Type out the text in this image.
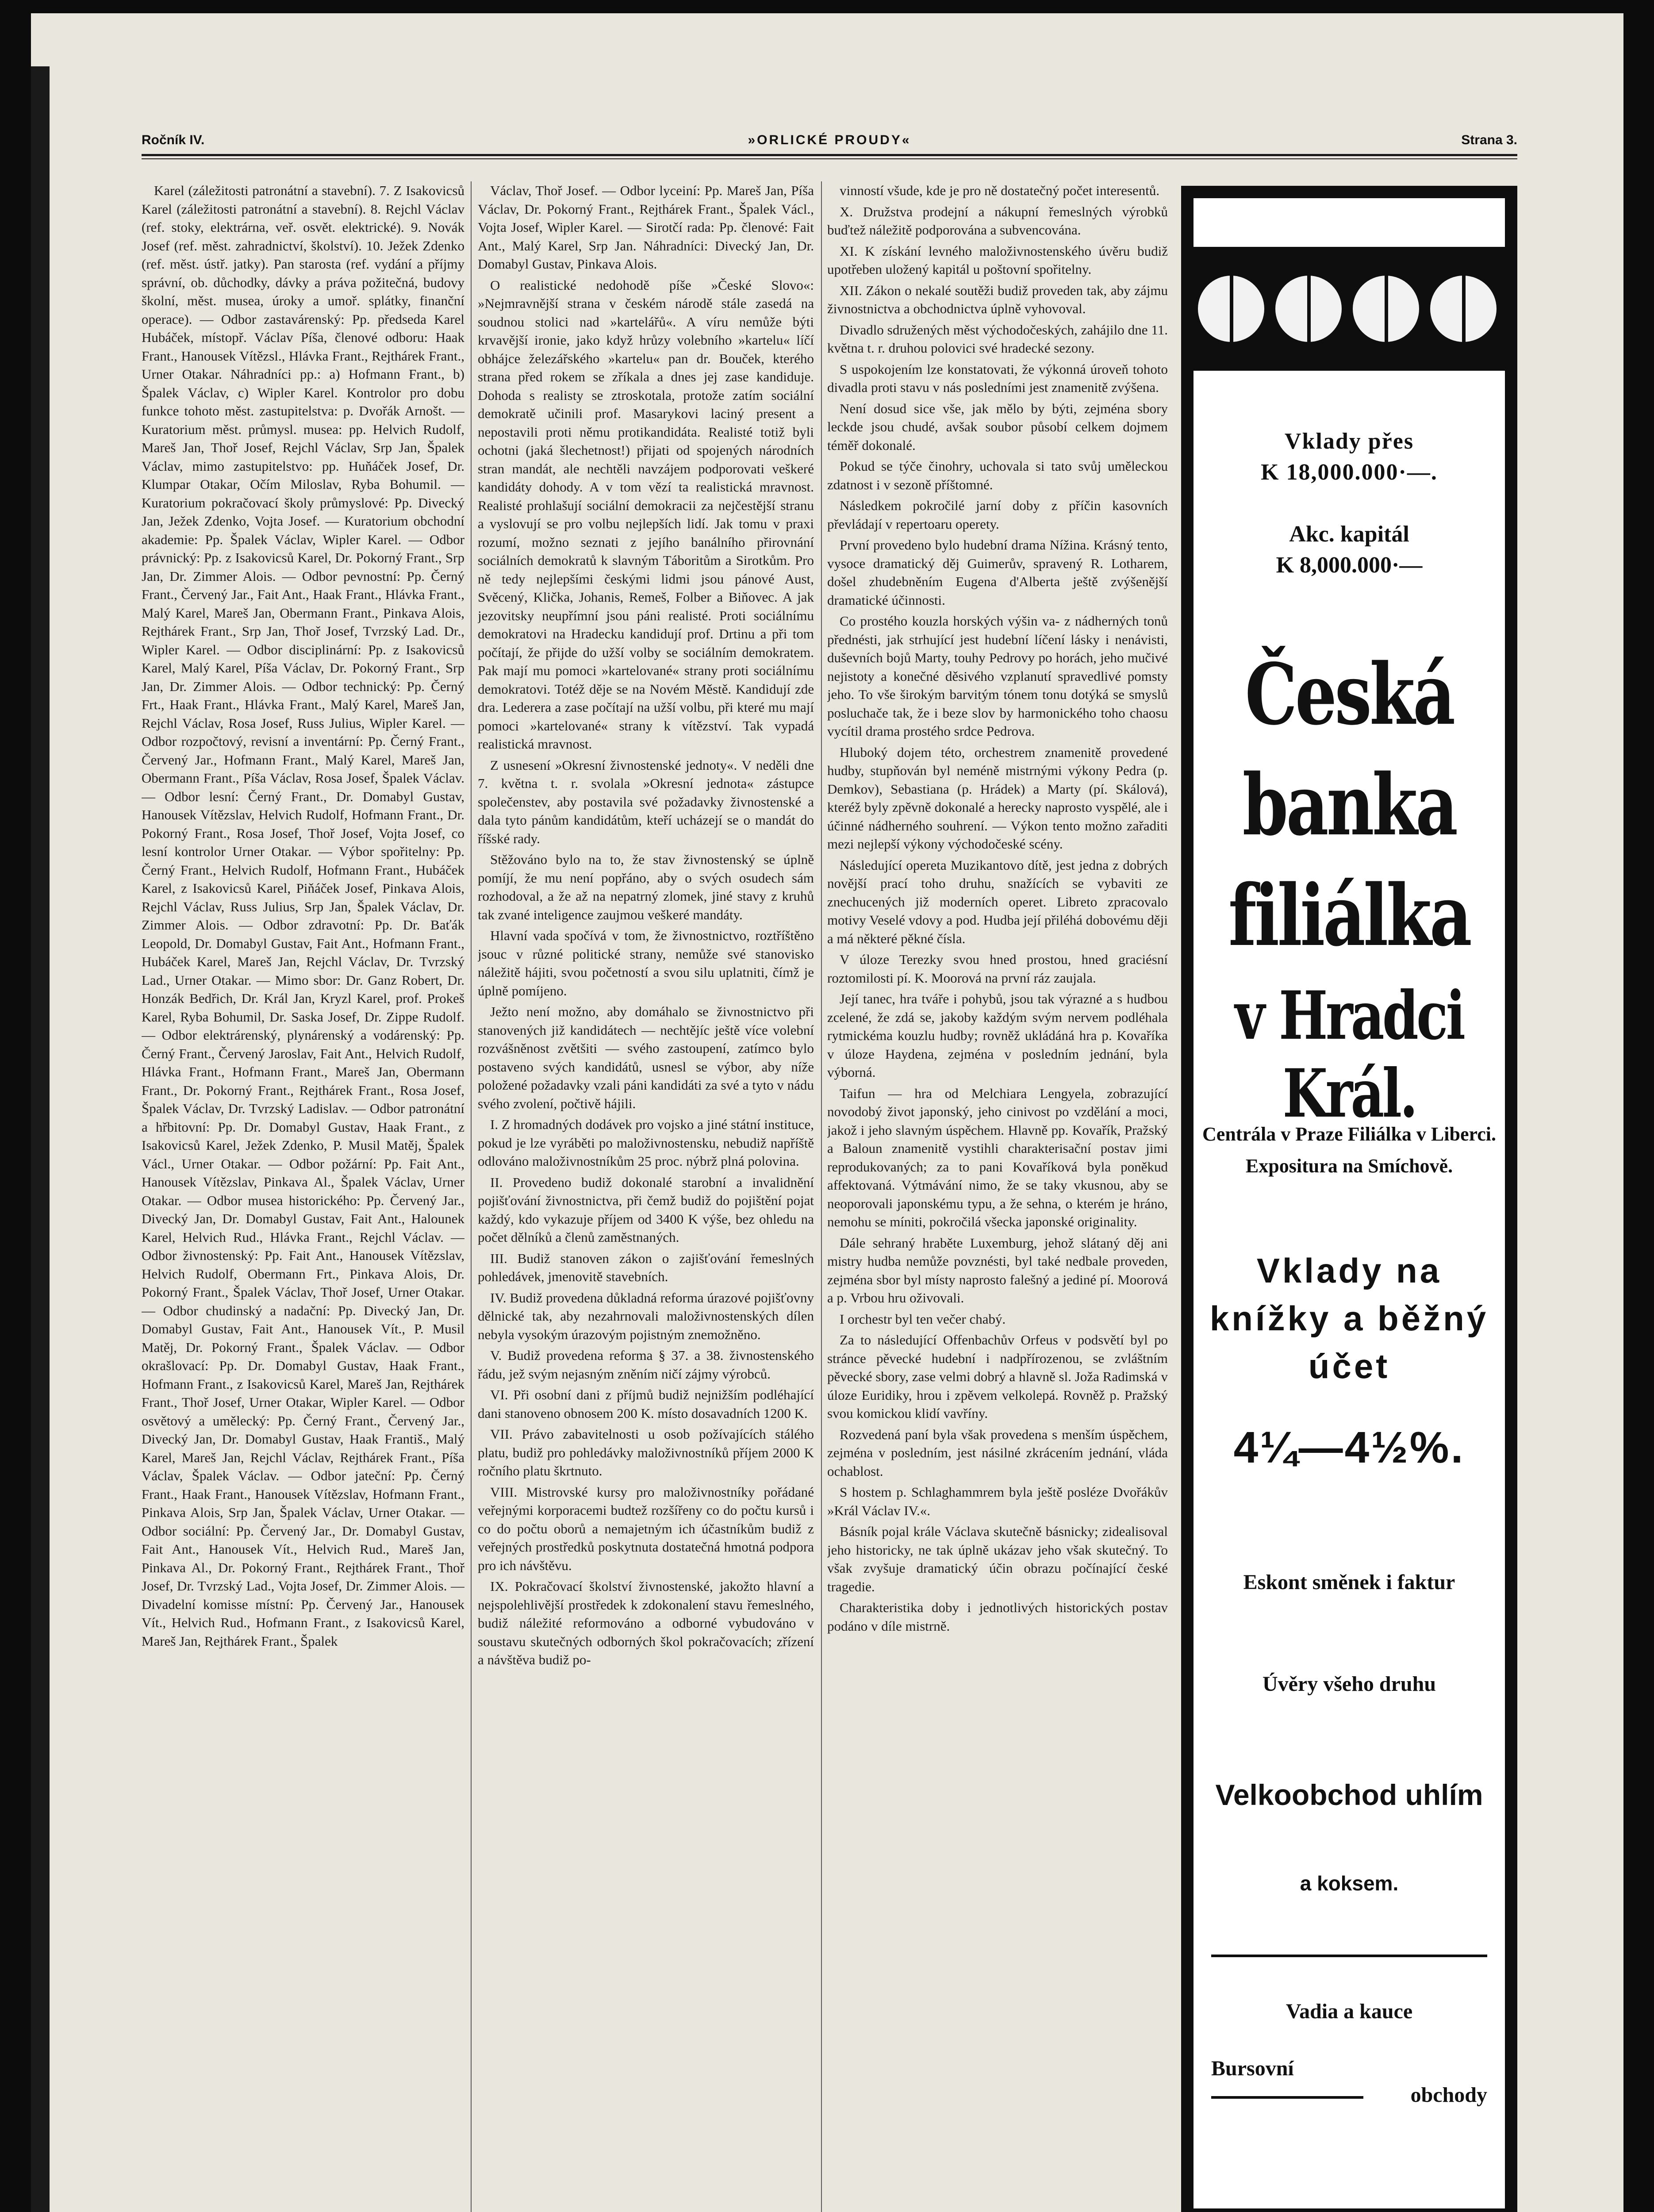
Ročník IV.	»ORLICKÉ PROUDY«	Strana 3.

Karel (záležitosti patronátní a stavební). 7. Z Isakovicsů Karel (záležitosti patronátní a stavební). 8. Rejchl Václav (ref. stoky, elektrárna, veř. osvět. elektrické). 9. Novák Josef (ref. měst. zahradnictví, školství). 10. Ježek Zdenko (ref. měst. ústř. jatky). Pan starosta (ref. vydání a příjmy správní, ob. důchodky, dávky a práva požitečná, budovy školní, měst. musea, úroky a umoř. splátky, finanční operace). — Odbor zastavárenský: Pp. předseda Karel Hubáček, místopř. Václav Píša, členové odboru: Haak Frant., Hanousek Vítězsl., Hlávka Frant., Rejthárek Frant., Urner Otakar. Náhradníci pp.: a) Hofmann Frant., b) Špalek Václav, c) Wipler Karel. Kontrolor pro dobu funkce tohoto měst. zastupitelstva: p. Dvořák Arnošt. — Kuratorium měst. průmysl. musea: pp. Helvich Rudolf, Mareš Jan, Thoř Josef, Rejchl Václav, Srp Jan, Špalek Václav, mimo zastupitelstvo: pp. Huňáček Josef, Dr. Klumpar Otakar, Očím Miloslav, Ryba Bohumil. — Kuratorium pokračovací školy průmyslové: Pp. Divecký Jan, Ježek Zdenko, Vojta Josef. — Kuratorium obchodní akademie: Pp. Špalek Václav, Wipler Karel. — Odbor právnický: Pp. z Isakovicsů Karel, Dr. Pokorný Frant., Srp Jan, Dr. Zimmer Alois. — Odbor pevnostní: Pp. Černý Frant., Červený Jar., Fait Ant., Haak Frant., Hlávka Frant., Malý Karel, Mareš Jan, Obermann Frant., Pinkava Alois, Rejthárek Frant., Srp Jan, Thoř Josef, Tvrzský Lad. Dr., Wipler Karel. — Odbor disciplinární: Pp. z Isakovicsů Karel, Malý Karel, Píša Václav, Dr. Pokorný Frant., Srp Jan, Dr. Zimmer Alois. — Odbor technický: Pp. Černý Frt., Haak Frant., Hlávka Frant., Malý Karel, Mareš Jan, Rejchl Václav, Rosa Josef, Russ Julius, Wipler Karel. — Odbor rozpočtový, revisní a inventární: Pp. Černý Frant., Červený Jar., Hofmann Frant., Malý Karel, Mareš Jan, Obermann Frant., Píša Václav, Rosa Josef, Špalek Václav. — Odbor lesní: Černý Frant., Dr. Domabyl Gustav, Hanousek Vítězslav, Helvich Rudolf, Hofmann Frant., Dr. Pokorný Frant., Rosa Josef, Thoř Josef, Vojta Josef, co lesní kontrolor Urner Otakar. — Výbor spořitelny: Pp. Černý Frant., Helvich Rudolf, Hofmann Frant., Hubáček Karel, z Isakovicsů Karel, Piňáček Josef, Pinkava Alois, Rejchl Václav, Russ Julius, Srp Jan, Špalek Václav, Dr. Zimmer Alois. — Odbor zdravotní: Pp. Dr. Baťák Leopold, Dr. Domabyl Gustav, Fait Ant., Hofmann Frant., Hubáček Karel, Mareš Jan, Rejchl Václav, Dr. Tvrzský Lad., Urner Otakar. — Mimo sbor: Dr. Ganz Robert, Dr. Honzák Bedřich, Dr. Král Jan, Kryzl Karel, prof. Prokeš Karel, Ryba Bohumil, Dr. Saska Josef, Dr. Zippe Rudolf. — Odbor elektrárenský, plynárenský a vodárenský: Pp. Černý Frant., Červený Jaroslav, Fait Ant., Helvich Rudolf, Hlávka Frant., Hofmann Frant., Mareš Jan, Obermann Frant., Dr. Pokorný Frant., Rejthárek Frant., Rosa Josef, Špalek Václav, Dr. Tvrzský Ladislav. — Odbor patronátní a hřbitovní: Pp. Dr. Domabyl Gustav, Haak Frant., z Isakovicsů Karel, Ježek Zdenko, P. Musil Matěj, Špalek Václ., Urner Otakar. — Odbor požární: Pp. Fait Ant., Hanousek Vítězslav, Pinkava Al., Špalek Václav, Urner Otakar. — Odbor musea historického: Pp. Červený Jar., Divecký Jan, Dr. Domabyl Gustav, Fait Ant., Halounek Karel, Helvich Rud., Hlávka Frant., Rejchl Václav. — Odbor živnostenský: Pp. Fait Ant., Hanousek Vítězslav, Helvich Rudolf, Obermann Frt., Pinkava Alois, Dr. Pokorný Frant., Špalek Václav, Thoř Josef, Urner Otakar. — Odbor chudinský a nadační: Pp. Divecký Jan, Dr. Domabyl Gustav, Fait Ant., Hanousek Vít., P. Musil Matěj, Dr. Pokorný Frant., Špalek Václav. — Odbor okrašlovací: Pp. Dr. Domabyl Gustav, Haak Frant., Hofmann Frant., z Isakovicsů Karel, Mareš Jan, Rejthárek Frant., Thoř Josef, Urner Otakar, Wipler Karel. — Odbor osvětový a umělecký: Pp. Černý Frant., Červený Jar., Divecký Jan, Dr. Domabyl Gustav, Haak Františ., Malý Karel, Mareš Jan, Rejchl Václav, Rejthárek Frant., Píša Václav, Špalek Václav. — Odbor jateční: Pp. Černý Frant., Haak Frant., Hanousek Vítězslav, Hofmann Frant., Pinkava Alois, Srp Jan, Špalek Václav, Urner Otakar. — Odbor sociální: Pp. Červený Jar., Dr. Domabyl Gustav, Fait Ant., Hanousek Vít., Helvich Rud., Mareš Jan, Pinkava Al., Dr. Pokorný Frant., Rejthárek Frant., Thoř Josef, Dr. Tvrzský Lad., Vojta Josef, Dr. Zimmer Alois. — Divadelní komisse místní: Pp. Červený Jar., Hanousek Vít., Helvich Rud., Hofmann Frant., z Isakovicsů Karel, Mareš Jan, Rejthárek Frant., Špalek

Václav, Thoř Josef. — Odbor lyceiní: Pp. Mareš Jan, Píša Václav, Dr. Pokorný Frant., Rejthárek Frant., Špalek Václ., Vojta Josef, Wipler Karel. — Sirotčí rada: Pp. členové: Fait Ant., Malý Karel, Srp Jan. Náhradníci: Divecký Jan, Dr. Domabyl Gustav, Pinkava Alois.

O realistické nedohodě píše »České Slovo«: »Nejmravnější strana v českém národě stále zasedá na soudnou stolici nad »kartelářů«. A víru nemůže býti krvavější ironie, jako když hrůzy volebního »kartelu« líčí obhájce železářského »kartelu« pan dr. Bouček, kterého strana před rokem se zříkala a dnes jej zase kandiduje. Dohoda s realisty se ztroskotala, protože zatím sociální demokratě učinili prof. Masarykovi laciný present a nepostavili proti němu protikandidáta. Realisté totiž byli ochotni (jaká šlechetnost!) přijati od spojených národních stran mandát, ale nechtěli navzájem podporovati veškeré kandidáty dohody. A v tom vězí ta realistická mravnost. Realisté prohlašují sociální demokracii za nejčestější stranu a vyslovují se pro volbu nejlepších lidí. Jak tomu v praxi rozumí, možno seznati z jejího banálního přirovnání sociálních demokratů k slavným Táboritům a Sirotkům. Pro ně tedy nejlepšími českými lidmi jsou pánové Aust, Svěcený, Klička, Johanis, Remeš, Folber a Biňovec. A jak jezovitsky neupřímní jsou páni realisté. Proti sociálnímu demokratovi na Hradecku kandidují prof. Drtinu a při tom počítají, že přijde do užší volby se sociálním demokratem. Pak mají mu pomoci »kartelované« strany proti sociálnímu demokratovi. Totéž děje se na Novém Městě. Kandidují zde dra. Lederera a zase počítají na užší volbu, při které mu mají pomoci »kartelované« strany k vítězství. Tak vypadá realistická mravnost.

Z usnesení »Okresní živnostenské jednoty«. V neděli dne 7. května t. r. svolala »Okresní jednota« zástupce společenstev, aby postavila své požadavky živnostenské a dala tyto pánům kandidátům, kteří ucházejí se o mandát do říšské rady.

Stěžováno bylo na to, že stav živnostenský se úplně pomíjí, že mu není popřáno, aby o svých osudech sám rozhodoval, a že až na nepatrný zlomek, jiné stavy z kruhů tak zvané inteligence zaujmou veškeré mandáty.

Hlavní vada spočívá v tom, že živnostnictvo, roztříštěno jsouc v různé politické strany, nemůže své stanovisko náležitě hájiti, svou početností a svou silu uplatniti, čímž je úplně pomíjeno.

Ježto není možno, aby domáhalo se živnostnictvo při stanovených již kandidátech — nechtějíc ještě více volební rozvášněnost zvětšiti — svého zastoupení, zatímco bylo postaveno svých kandidátů, usnesl se výbor, aby níže položené požadavky vzali páni kandidáti za své a tyto v nádu svého zvolení, počtivě hájili.

I. Z hromadných dodávek pro vojsko a jiné státní instituce, pokud je lze vyráběti po maloživnostensku, nebudiž napříště odlováno maloživnostníkům 25 proc. nýbrž plná polovina.

II. Provedeno budiž dokonalé starobní a invalidnění pojišťování živnostnictva, při čemž budiž do pojištění pojat každý, kdo vykazuje příjem od 3400 K výše, bez ohledu na počet dělníků a členů zaměstnaných.

III. Budiž stanoven zákon o zajišťování řemeslných pohledávek, jmenovitě stavebních.

IV. Budiž provedena důkladná reforma úrazové pojišťovny dělnické tak, aby nezahrnovali maloživnostenských dílen nebyla vysokým úrazovým pojistným znemožněno.

V. Budiž provedena reforma § 37. a 38. živnostenského řádu, jež svým nejasným zněním ničí zájmy výrobců.

VI. Při osobní dani z příjmů budiž nejnižším podléhající dani stanoveno obnosem 200 K. místo dosavadních 1200 K.

VII. Právo zabavitelnosti u osob požívajících stálého platu, budiž pro pohledávky maloživnostníků příjem 2000 K ročního platu škrtnuto.

VIII. Mistrovské kursy pro maloživnostníky pořádané veřejnými korporacemi budtež rozšířeny co do počtu kursů i co do počtu oborů a nemajetným ich účastníkům budiž z veřejných prostředků poskytnuta dostatečná hmotná podpora pro ich návštěvu.

IX. Pokračovací školství živnostenské, jakožto hlavní a nejspolehlivější prostředek k zdokonalení stavu řemeslného, budiž náležité reformováno a odborné vybudováno v soustavu skutečných odborných škol pokračovacích; zřízení a návštěva budiž po-

vinností všude, kde je pro ně dostatečný počet interesentů.

X. Družstva prodejní a nákupní řemeslných výrobků buďtež náležitě podporována a subvencována.

XI. K získání levného maloživnostenského úvěru budiž upotřeben uložený kapitál u poštovní spořitelny.

XII. Zákon o nekalé soutěži budiž proveden tak, aby zájmu živnostnictva a obchodnictva úplně vyhovoval.

Divadlo sdružených měst východočeských, zahájilo dne 11. května t. r. druhou polovici své hradecké sezony.

S uspokojením lze konstatovati, že výkonná úroveň tohoto divadla proti stavu v nás posledními jest znamenitě zvýšena.

Není dosud sice vše, jak mělo by býti, zejména sbory leckde jsou chudé, avšak soubor působí celkem dojmem téměř dokonalé.

Pokud se týče činohry, uchovala si tato svůj uměleckou zdatnost i v sezoně příštomné.

Následkem pokročilé jarní doby z příčin kasovních převládají v repertoaru operety.

První provedeno bylo hudební drama Nížina. Krásný tento, vysoce dramatický děj Guimerův, spravený R. Lotharem, došel zhudebněním Eugena d'Alberta ještě zvýšenější dramatické účinnosti.

Co prostého kouzla horských výšin va- z nádherných tonů přednésti, jak strhující jest hudební líčení lásky i nenávisti, duševních bojů Marty, touhy Pedrovy po horách, jeho mučivé nejistoty a konečné děsivého vzplanutí spravedlivé pomsty jeho. To vše širokým barvitým tónem tonu dotýká se smyslů posluchače tak, že i beze slov by harmonického toho chaosu vycítil drama prostého srdce Pedrova.

Hluboký dojem této, orchestrem znamenitě provedené hudby, stupňován byl neméně mistrnými výkony Pedra (p. Demkov), Sebastiana (p. Hrádek) a Marty (pí. Skálová), kteréž byly zpěvně dokonalé a herecky naprosto vyspělé, ale i účinné nádherného souhrení. — Výkon tento možno zařaditi mezi nejlepší výkony východočeské scény.

Následující opereta Muzikantovo dítě, jest jedna z dobrých novější prací toho druhu, snažících se vybaviti ze znechucených již moderních operet. Libreto zpracovalo motivy Veselé vdovy a pod. Hudba její přiléhá dobovému ději a má některé pěkné čísla.

V úloze Terezky svou hned prostou, hned graciésní roztomilosti pí. K. Moorová na první ráz zaujala.

Její tanec, hra tváře i pohybů, jsou tak výrazné a s hudbou zcelené, že zdá se, jakoby každým svým nervem podléhala rytmickéma kouzlu hudby; rovněž ukládáná hra p. Kovaříka v úloze Haydena, zejména v posledním jednání, byla výborná.

Taifun — hra od Melchiara Lengyela, zobrazující novodobý život japonský, jeho cinivost po vzdělání a moci, jakož i jeho slavným úspěchem. Hlavně pp. Kovařík, Pražský a Baloun znamenitě vystihli charakterisační postav jimi reprodukovaných; za to pani Kovaříková byla poněkud affektovaná. Výtmávání nimo, že se taky vkusnou, aby se neoporovali japonskému typu, a že sehna, o kterém je hráno, nemohu se míniti, pokročilá všecka japonské originality.

Dále sehraný hraběte Luxemburg, jehož slátaný děj ani mistry hudba nemůže povznésti, byl také nedbale proveden, zejména sbor byl místy naprosto falešný a jediné pí. Moorová a p. Vrbou hru oživovali.

I orchestr byl ten večer chabý.

Za to následující Offenbachův Orfeus v podsvětí byl po stránce pěvecké hudební i nadpřírozenou, se zvláštním pěvecké sbory, zase velmi dobrý a hlavně sl. Joža Radimská v úloze Euridiky, hrou i zpěvem velkolepá. Rovněž p. Pražský svou komickou klidí vavříny.

Rozvedená paní byla však provedena s menším úspěchem, zejména v posledním, jest násilné zkrácením jednání, vláda ochablost.

S hostem p. Schlaghammrem byla ještě posléze Dvořákův »Král Václav IV.«.

Básník pojal krále Václava skutečně básnicky; zidealisoval jeho historicky, ne tak úplně ukázav jeho však skutečný. To však zvyšuje dramatický účin obrazu počínající české tragedie.

Charakteristika doby i jednotlivých historických postav podáno v díle mistrně.

Vklady přes
K 18,000.000·—.
Akc. kapitál
K 8,000.000·—
Česká
banka
filiálka
v Hradci Král.
Centrála v Praze Filiálka v Liberci. Expositura na Smíchově.
Vklady na knížky a běžný účet
4¼—4½%.
Eskont směnek i faktur
Úvěry všeho druhu
Velkoobchod uhlím
a koksem.
Vadia a kauce
Bursovní
obchody
